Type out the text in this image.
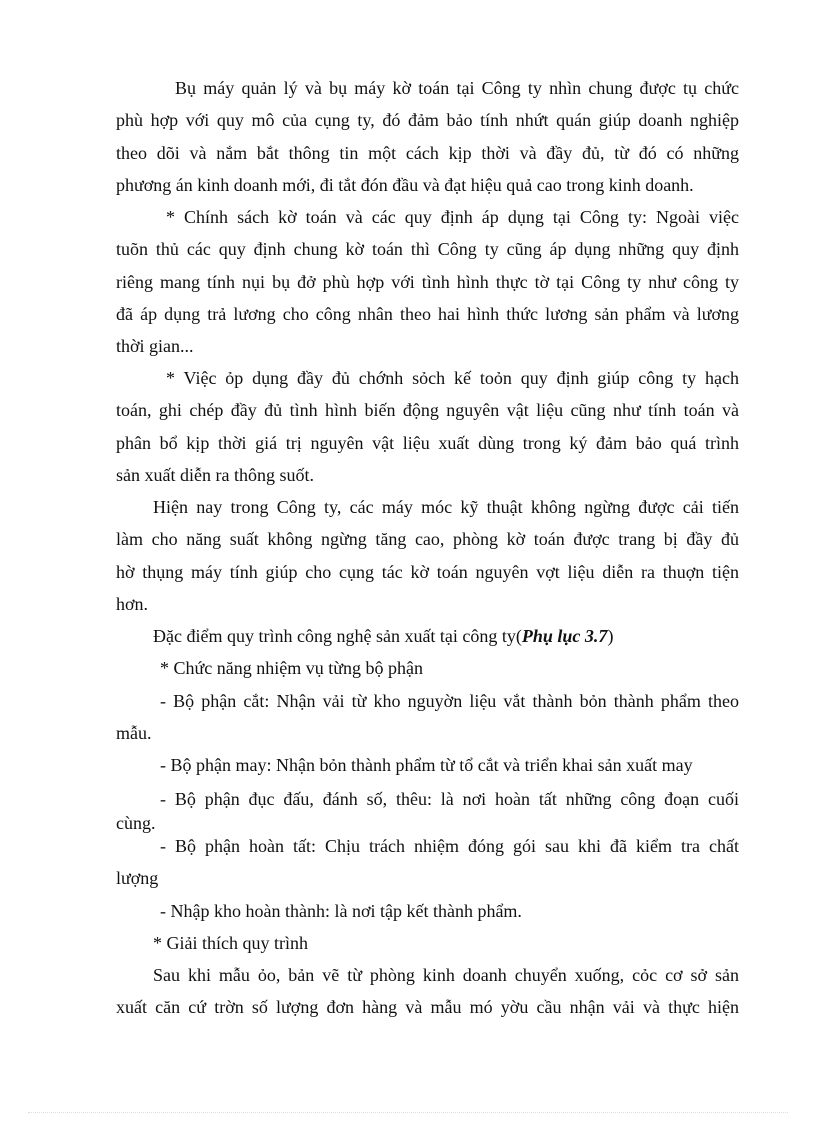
Bụ máy quản lý và bụ máy kờ toán tại Công ty nhìn chung được tụ chức
phù hợp với quy mô của cụng ty, đó đảm bảo tính nhứt quán giúp doanh nghiệp
theo dõi và nắm bắt thông tin một cách kịp thời và đầy đủ, từ đó có những
phương án kinh doanh mới, đi tắt đón đầu và đạt hiệu quả cao trong kinh doanh.
* Chính sách kờ toán và các quy định áp dụng tại Công ty: Ngoài việc
tuõn thủ các quy định chung kờ toán thì Công ty cũng áp dụng những quy định
riêng mang tính nụi bụ đở phù hợp với tình hình thực tờ tại Công ty như công ty
đã áp dụng trả lương cho công nhân theo hai hình thức lương sản phẩm và lương
thời gian...
* Việc ỏp dụng đầy đủ chớnh sỏch kế toỏn quy định giúp công ty hạch
toán, ghi chép đầy đủ tình hình biến động nguyên vật liệu cũng như tính toán và
phân bổ kịp thời giá trị nguyên vật liệu xuất dùng trong ký đảm bảo quá trình
sản xuất diễn ra thông suốt.
Hiện nay trong Công ty, các máy móc kỹ thuật không ngừng được cải tiến
làm cho năng suất không ngừng tăng cao, phòng kờ toán được trang bị đầy đủ
hờ thụng máy tính giúp cho cụng tác kờ toán nguyên vợt liệu diễn ra thuợn tiện
hơn.
Đặc điểm quy trình công nghệ sản xuất tại công ty(Phụ lục 3.7)
* Chức năng nhiệm vụ từng bộ phận
- Bộ phận cắt: Nhận vải từ kho nguyờn liệu vắt thành bỏn thành phẩm theo
mẫu.
- Bộ phận may: Nhận bỏn thành phẩm từ tổ cắt và triển khai sản xuất may
- Bộ phận đục đấu, đánh số, thêu: là nơi hoàn tất những công đoạn cuối
cùng.
- Bộ phận hoàn tất: Chịu trách nhiệm đóng gói sau khi đã kiểm tra chất
lượng
- Nhập kho hoàn thành: là nơi tập kết thành phẩm.
* Giải thích quy trình
Sau khi mẫu ỏo, bản vẽ từ phòng kinh doanh chuyển xuống, cỏc cơ sở sản
xuất căn cứ trờn số lượng đơn hàng và mẫu mó yờu cầu nhận vải và thực hiện
